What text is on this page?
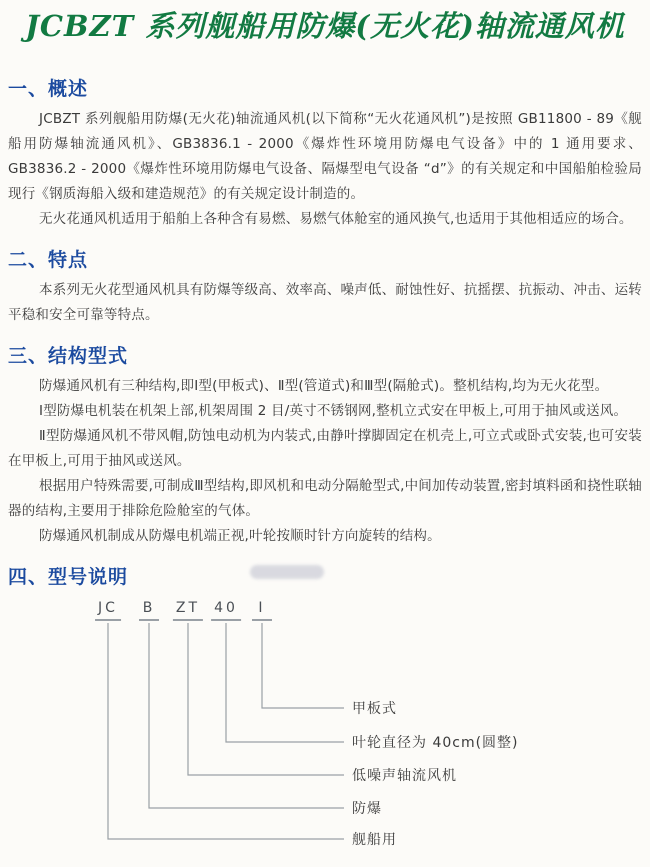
JCBZT 系列舰船用防爆(无火花)轴流通风机
一、概述

JCBZT 系列舰船用防爆(无火花)轴流通风机(以下简称“无火花通风机”)是按照 GB11800 - 89《舰船用防爆轴流通风机》、GB3836.1 - 2000《爆炸性环境用防爆电气设备》中的 1 通用要求、GB3836.2 - 2000《爆炸性环境用防爆电气设备、隔爆型电气设备 “d”》的有关规定和中国船舶检验局现行《钢质海船入级和建造规范》的有关规定设计制造的。

无火花通风机适用于船舶上各种含有易燃、易燃气体舱室的通风换气,也适用于其他相适应的场合。

二、特点

本系列无火花型通风机具有防爆等级高、效率高、噪声低、耐蚀性好、抗摇摆、抗振动、冲击、运转平稳和安全可靠等特点。

三、结构型式

防爆通风机有三种结构,即Ⅰ型(甲板式)、Ⅱ型(管道式)和Ⅲ型(隔舱式)。整机结构,均为无火花型。

Ⅰ型防爆电机装在机架上部,机架周围 2 目/英寸不锈钢网,整机立式安在甲板上,可用于抽风或送风。

Ⅱ型防爆通风机不带风帽,防蚀电动机为内装式,由静叶撑脚固定在机壳上,可立式或卧式安装,也可安装在甲板上,可用于抽风或送风。

根据用户特殊需要,可制成Ⅲ型结构,即风机和电动分隔舱型式,中间加传动装置,密封填料函和挠性联轴器的结构,主要用于排除危险舱室的气体。

防爆通风机制成从防爆电机端正视,叶轮按顺时针方向旋转的结构。

四、型号说明
JC B ZT 40	Ⅰ
甲板式
叶轮直径为 40cm(圆整)
低噪声轴流风机
防爆
舰船用
